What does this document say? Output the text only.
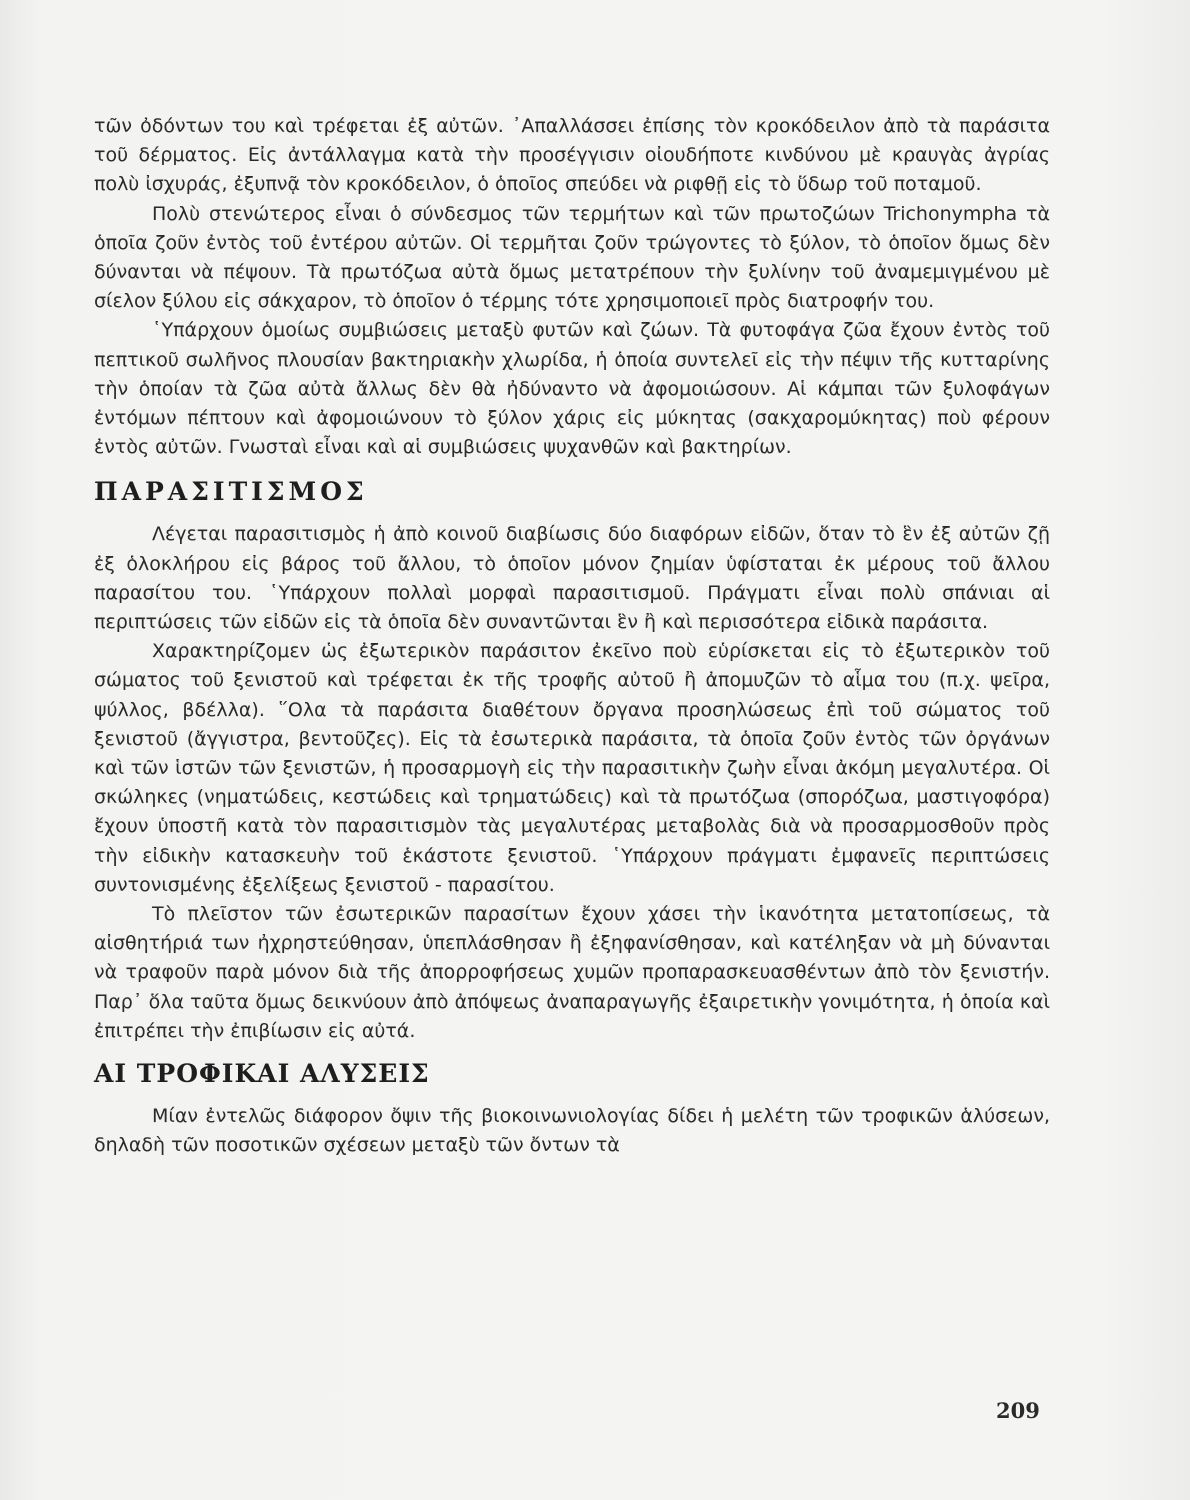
τῶν ὀδόντων του καὶ τρέφεται ἐξ αὐτῶν. ᾿Απαλλάσσει ἐπίσης τὸν κροκόδειλον ἀπὸ τὰ παράσιτα τοῦ δέρματος. Εἰς ἀντάλλαγμα κατὰ τὴν προσέγγισιν οἰουδήποτε κινδύνου μὲ κραυγὰς ἀγρίας πολὺ ἰσχυράς, ἐξυπνᾷ τὸν κροκόδειλον, ὁ ὁποῖος σπεύδει νὰ ριφθῇ εἰς τὸ ὕδωρ τοῦ ποταμοῦ.

Πολὺ στενώτερος εἶναι ὁ σύνδεσμος τῶν τερμήτων καὶ τῶν πρωτοζώων Trichonympha τὰ ὁποῖα ζοῦν ἐντὸς τοῦ ἐντέρου αὐτῶν. Οἱ τερμῆται ζοῦν τρώγοντες τὸ ξύλον, τὸ ὁποῖον ὅμως δὲν δύνανται νὰ πέψουν. Τὰ πρωτόζωα αὐτὰ ὅμως μετατρέπουν τὴν ξυλίνην τοῦ ἀναμεμιγμένου μὲ σίελον ξύλου εἰς σάκχαρον, τὸ ὁποῖον ὁ τέρμης τότε χρησιμοποιεῖ πρὸς διατροφήν του.

῾Υπάρχουν ὁμοίως συμβιώσεις μεταξὺ φυτῶν καὶ ζώων. Τὰ φυτοφάγα ζῶα ἔχουν ἐντὸς τοῦ πεπτικοῦ σωλῆνος πλουσίαν βακτηριακὴν χλωρίδα, ἡ ὁποία συντελεῖ εἰς τὴν πέψιν τῆς κυτταρίνης τὴν ὁποίαν τὰ ζῶα αὐτὰ ἄλλως δὲν θὰ ἠδύναντο νὰ ἀφομοιώσουν. Αἱ κάμπαι τῶν ξυλοφάγων ἐντόμων πέπτουν καὶ ἀφομοιώνουν τὸ ξύλον χάρις εἰς μύκητας (σακχαρομύκητας) ποὺ φέρουν ἐντὸς αὐτῶν. Γνωσταὶ εἶναι καὶ αἱ συμβιώσεις ψυχανθῶν καὶ βακτηρίων.

ΠΑΡΑΣΙΤΙΣΜΟΣ

Λέγεται παρασιτισμὸς ἡ ἀπὸ κοινοῦ διαβίωσις δύο διαφόρων εἰδῶν, ὅταν τὸ ἓν ἐξ αὐτῶν ζῇ ἐξ ὁλοκλήρου εἰς βάρος τοῦ ἄλλου, τὸ ὁποῖον μόνον ζημίαν ὑφίσταται ἐκ μέρους τοῦ ἄλλου παρασίτου του. ῾Υπάρχουν πολλαὶ μορφαὶ παρασιτισμοῦ. Πράγματι εἶναι πολὺ σπάνιαι αἱ περιπτώσεις τῶν εἰδῶν εἰς τὰ ὁποῖα δὲν συναντῶνται ἓν ἢ καὶ περισσότερα εἰδικὰ παράσιτα.

Χαρακτηρίζομεν ὡς ἐξωτερικὸν παράσιτον ἐκεῖνο ποὺ εὑρίσκεται εἰς τὸ ἐξωτερικὸν τοῦ σώματος τοῦ ξενιστοῦ καὶ τρέφεται ἐκ τῆς τροφῆς αὐτοῦ ἢ ἀπομυζῶν τὸ αἷμα του (π.χ. ψεῖρα, ψύλλος, βδέλλα). ῞Ολα τὰ παράσιτα διαθέτουν ὄργανα προσηλώσεως ἐπὶ τοῦ σώματος τοῦ ξενιστοῦ (ἄγγιστρα, βεντοῦζες). Εἰς τὰ ἐσωτερικὰ παράσιτα, τὰ ὁποῖα ζοῦν ἐντὸς τῶν ὀργάνων καὶ τῶν ἱστῶν τῶν ξενιστῶν, ἡ προσαρμογὴ εἰς τὴν παρασιτικὴν ζωὴν εἶναι ἀκόμη μεγαλυτέρα. Οἱ σκώληκες (νηματώδεις, κεστώδεις καὶ τρηματώδεις) καὶ τὰ πρωτόζωα (σπορόζωα, μαστιγοφόρα) ἔχουν ὑποστῆ κατὰ τὸν παρασιτισμὸν τὰς μεγαλυτέρας μεταβολὰς διὰ νὰ προσαρμοσθοῦν πρὸς τὴν εἰδικὴν κατασκευὴν τοῦ ἑκάστοτε ξενιστοῦ. ῾Υπάρχουν πράγματι ἐμφανεῖς περιπτώσεις συντονισμένης ἐξελίξεως ξενιστοῦ - παρασίτου.

Τὸ πλεῖστον τῶν ἐσωτερικῶν παρασίτων ἔχουν χάσει τὴν ἱκανότητα μετατοπίσεως, τὰ αἰσθητήριά των ἠχρηστεύθησαν, ὑπεπλάσθησαν ἢ ἐξηφανίσθησαν, καὶ κατέληξαν νὰ μὴ δύνανται νὰ τραφοῦν παρὰ μόνον διὰ τῆς ἀπορροφήσεως χυμῶν προπαρασκευασθέντων ἀπὸ τὸν ξενιστήν. Παρ᾿ ὅλα ταῦτα ὅμως δεικνύουν ἀπὸ ἀπόψεως ἀναπαραγωγῆς ἐξαιρετικὴν γονιμότητα, ἡ ὁποία καὶ ἐπιτρέπει τὴν ἐπιβίωσιν εἰς αὐτά.

ΑΙ ΤΡΟΦΙΚΑΙ ΑΛΥΣΕΙΣ

Μίαν ἐντελῶς διάφορον ὄψιν τῆς βιοκοινωνιολογίας δίδει ἡ μελέτη τῶν τροφικῶν ἁλύσεων, δηλαδὴ τῶν ποσοτικῶν σχέσεων μεταξὺ τῶν ὄντων τὰ

209
